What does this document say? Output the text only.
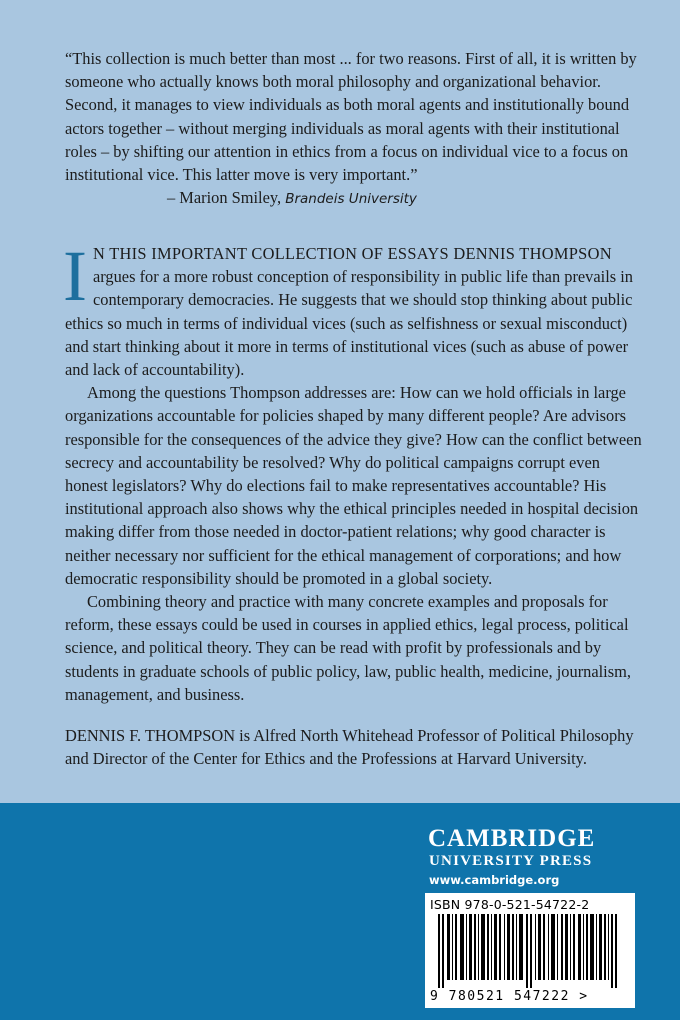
“This collection is much better than most ... for two reasons. First of all, it is written by someone who actually knows both moral philosophy and organizational behavior. Second, it manages to view individuals as both moral agents and institutionally bound actors together – without merging individuals as moral agents with their institutional roles – by shifting our attention in ethics from a focus on individual vice to a focus on institutional vice. This latter move is very important.”

– Marion Smiley, Brandeis University

I N THIS IMPORTANT COLLECTION OF ESSAYS DENNIS THOMPSON argues for a more robust conception of responsibility in public life than prevails in contemporary democracies. He suggests that we should stop thinking about public ethics so much in terms of individual vices (such as selfishness or sexual misconduct) and start thinking about it more in terms of institutional vices (such as abuse of power and lack of accountability).

Among the questions Thompson addresses are: How can we hold officials in large organizations accountable for policies shaped by many different people? Are advisors responsible for the consequences of the advice they give? How can the conflict between secrecy and accountability be resolved? Why do political campaigns corrupt even honest legislators? Why do elections fail to make representatives accountable? His institutional approach also shows why the ethical principles needed in hospital decision making differ from those needed in doctor-patient relations; why good character is neither necessary nor sufficient for the ethical management of corporations; and how democratic responsibility should be promoted in a global society.

Combining theory and practice with many concrete examples and proposals for reform, these essays could be used in courses in applied ethics, legal process, political science, and political theory. They can be read with profit by professionals and by students in graduate schools of public policy, law, public health, medicine, journalism, management, and business.

DENNIS F. THOMPSON is Alfred North Whitehead Professor of Political Philosophy and Director of the Center for Ethics and the Professions at Harvard University.

CAMBRIDGE
UNIVERSITY PRESS
www.cambridge.org
ISBN 978-0-521-54722-2
9 780521 547222 >
